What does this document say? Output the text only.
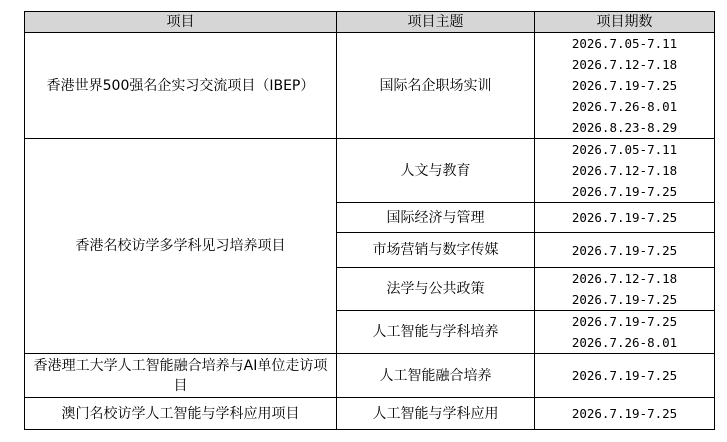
项目	项目主题	项目期数
香港世界500强名企实习交流项目（IBEP）	国际名企职场实训	2026.7.05-7.11
2026.7.12-7.18
2026.7.19-7.25
2026.7.26-8.01
2026.8.23-8.29

香港名校访学多学科见习培养项目	人文与教育	2026.7.05-7.11
2026.7.12-7.18
2026.7.19-7.25

	国际经济与管理	2026.7.19-7.25

	市场营销与数字传媒	2026.7.19-7.25

	法学与公共政策	2026.7.12-7.18
2026.7.19-7.25

	人工智能与学科培养	2026.7.19-7.25
2026.7.26-8.01

香港理工大学人工智能融合培养与AI单位走访项目	人工智能融合培养	2026.7.19-7.25

澳门名校访学人工智能与学科应用项目	人工智能与学科应用	2026.7.19-7.25
